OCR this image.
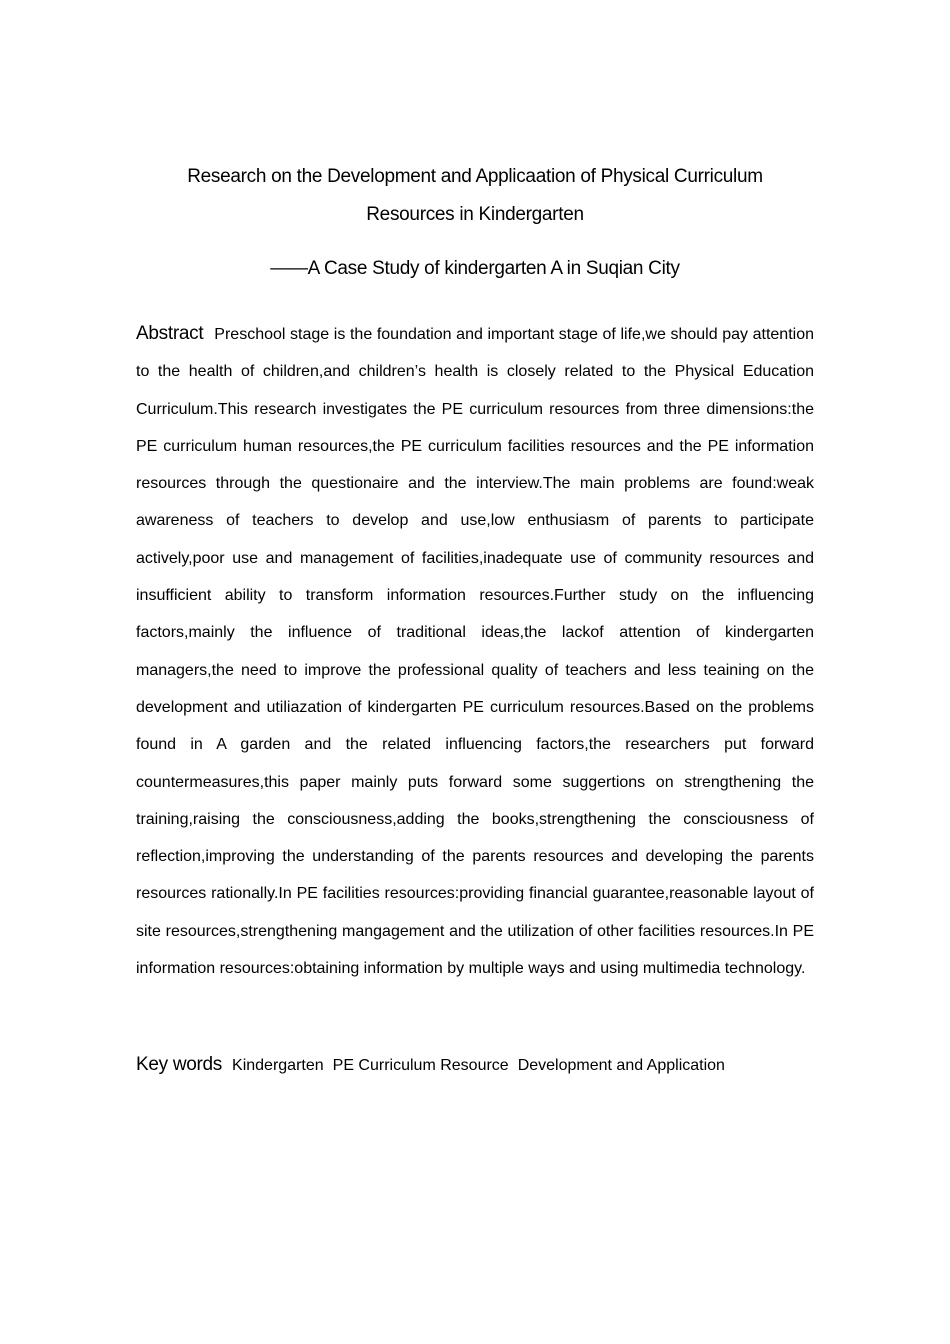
Research on the Development and Applicaation of Physical Curriculum
Resources in Kindergarten

——A Case Study of kindergarten A in Suqian City

Abstract Preschool stage is the foundation and important stage of life,we should pay attention to the health of children,and children’s health is closely related to the Physical Education Curriculum.This research investigates the PE curriculum resources from three dimensions:the PE curriculum human resources,the PE curriculum facilities resources and the PE information resources through the questionaire and the interview.The main problems are found:weak awareness of teachers to develop and use,low enthusiasm of parents to participate actively,poor use and management of facilities,inadequate use of community resources and insufficient ability to transform information resources.Further study on the influencing factors,mainly the influence of traditional ideas,the lackof attention of kindergarten managers,the need to improve the professional quality of teachers and less teaining on the development and utiliazation of kindergarten PE curriculum resources.Based on the problems found in A garden and the related influencing factors,the researchers put forward countermeasures,this paper mainly puts forward some suggertions on strengthening the training,raising the consciousness,adding the books,strengthening the consciousness of reflection,improving the understanding of the parents resources and developing the parents resources rationally.In PE facilities resources:providing financial guarantee,reasonable layout of site resources,strengthening mangagement and the utilization of other facilities resources.In PE information resources:obtaining information by multiple ways and using multimedia technology.
Key words Kindergarten PE Curriculum Resource Development and Application
